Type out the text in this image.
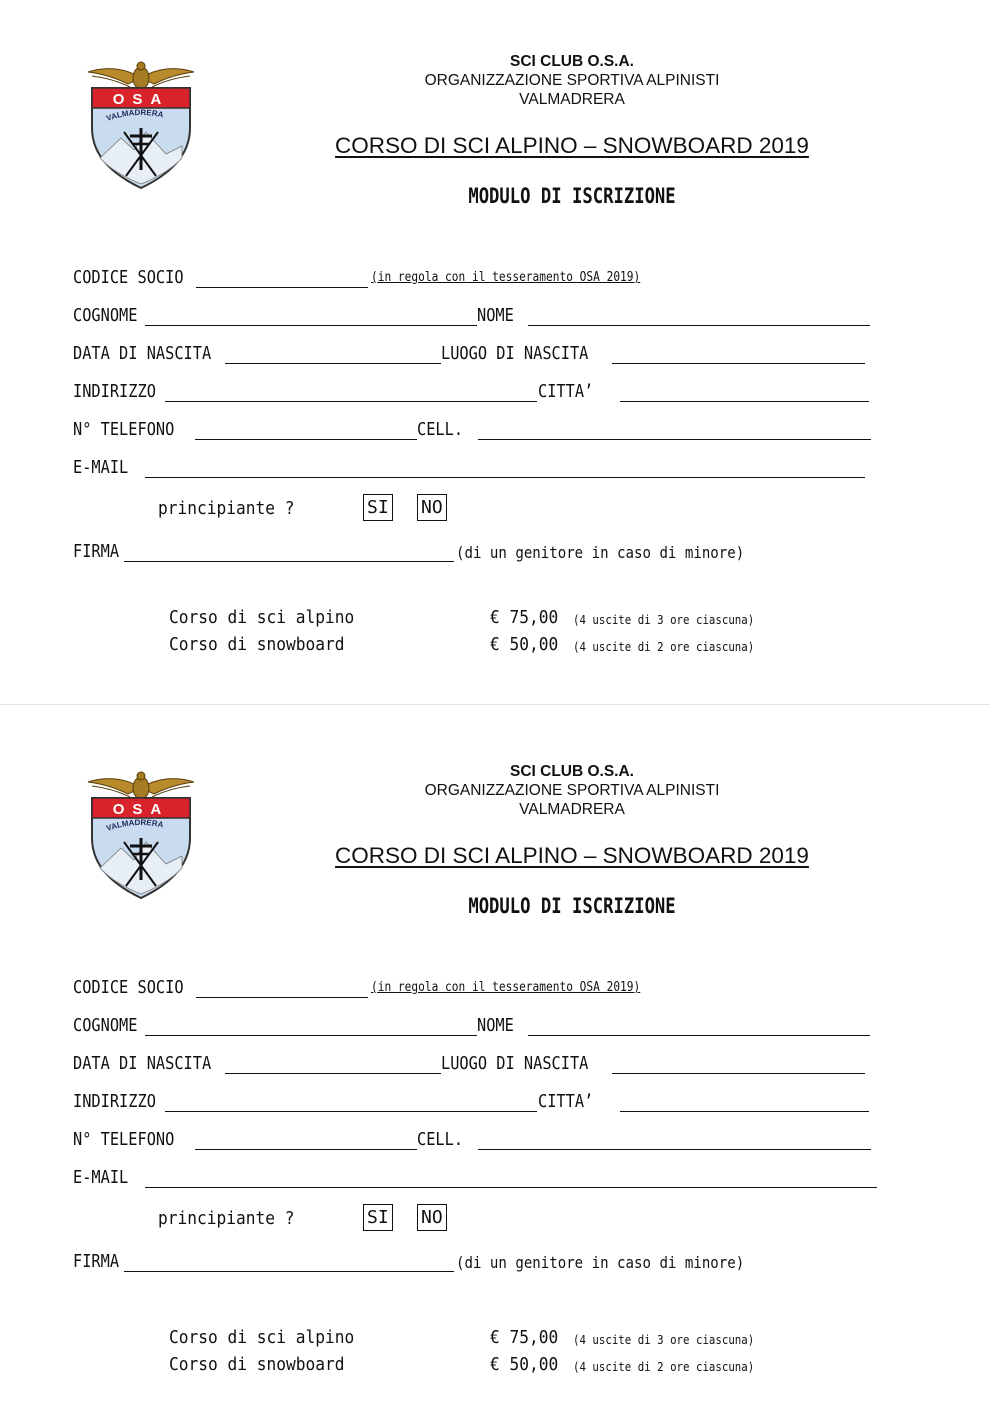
OSA
VALMADRERA
SCI CLUB O.S.A.
ORGANIZZAZIONE SPORTIVA ALPINISTI
VALMADRERA
CORSO DI SCI ALPINO – SNOWBOARD 2019
MODULO DI ISCRIZIONE
CODICE SOCIO	(in regola con il tesseramento OSA 2019)
COGNOME	NOME
DATA DI NASCITA	LUOGO DI NASCITA
INDIRIZZO	CITTA’
N° TELEFONO	CELL.
E-MAIL
principiante ?	SI NO
FIRMA	(di un genitore in caso di minore)
Corso di sci alpino	€ 75,00 (4 uscite di 3 ore ciascuna)
Corso di snowboard	€ 50,00 (4 uscite di 2 ore ciascuna)
OSA
VALMADRERA
SCI CLUB O.S.A.
ORGANIZZAZIONE SPORTIVA ALPINISTI
VALMADRERA
CORSO DI SCI ALPINO – SNOWBOARD 2019
MODULO DI ISCRIZIONE
CODICE SOCIO	(in regola con il tesseramento OSA 2019)
COGNOME	NOME
DATA DI NASCITA	LUOGO DI NASCITA
INDIRIZZO	CITTA’
N° TELEFONO	CELL.
E-MAIL
principiante ?	SI NO
FIRMA	(di un genitore in caso di minore)
Corso di sci alpino	€ 75,00 (4 uscite di 3 ore ciascuna)
Corso di snowboard	€ 50,00 (4 uscite di 2 ore ciascuna)
